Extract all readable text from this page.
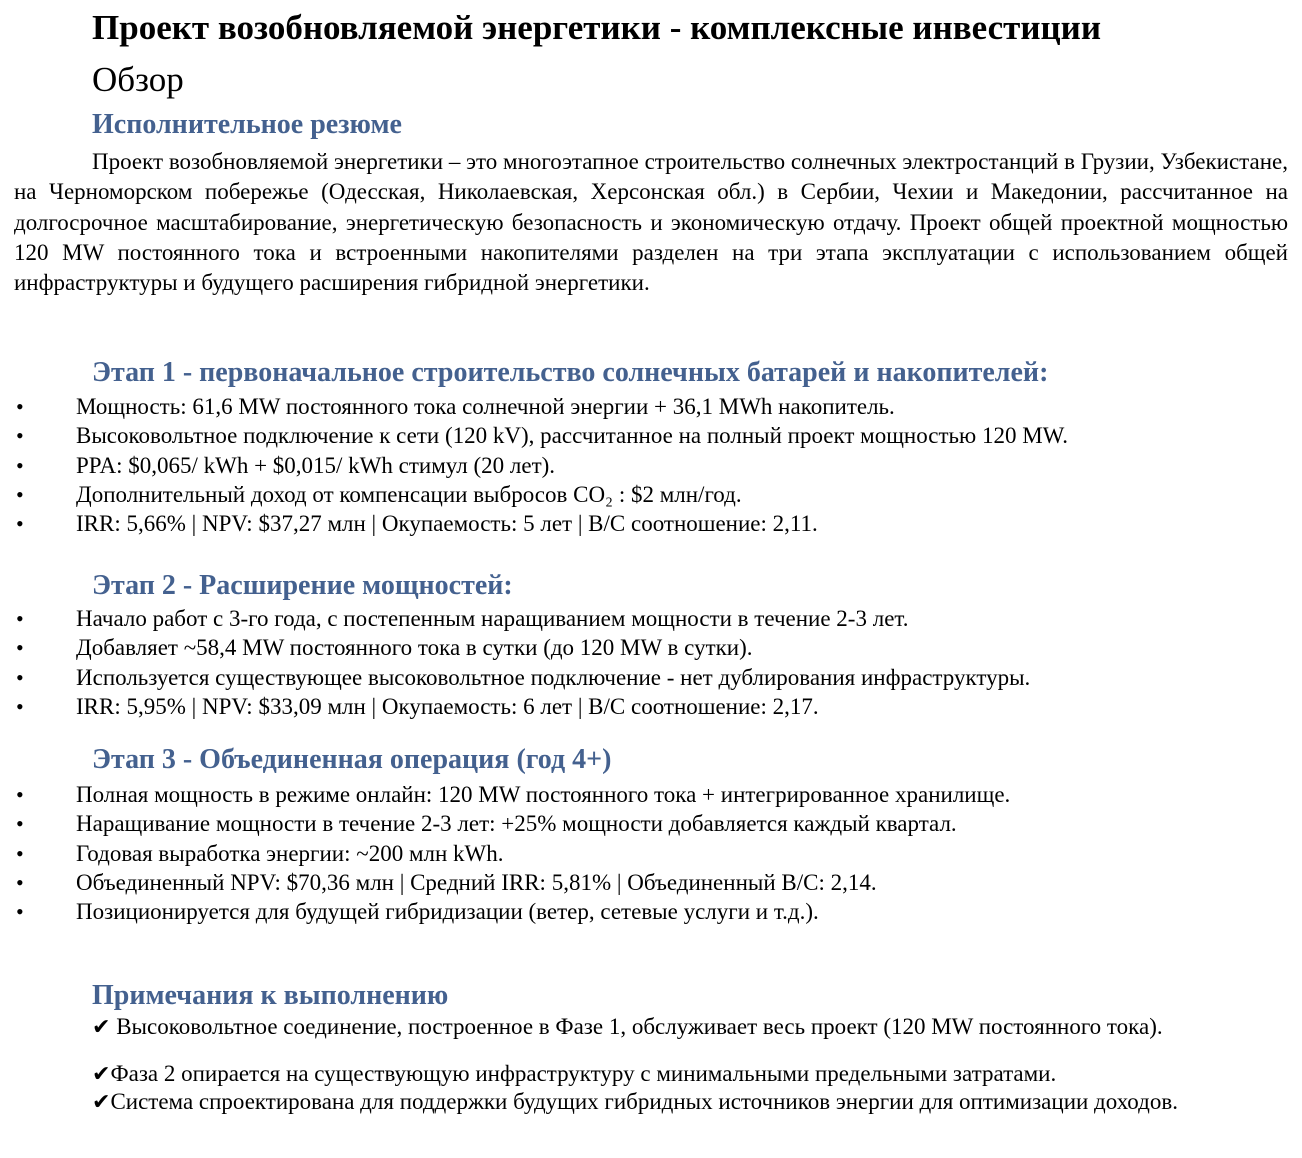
Проект возобновляемой энергетики - комплексные инвестиции
Обзор
Исполнительное резюме

Проект возобновляемой энергетики – это многоэтапное строительство солнечных электростанций в Грузии, Узбекистане, на Черноморском побережье (Одесская, Николаевская, Херсонская обл.) в Сербии, Чехии и Македонии, рассчитанное на долгосрочное масштабирование, энергетическую безопасность и экономическую отдачу. Проект общей проектной мощностью 120 MW постоянного тока и встроенными накопителями разделен на три этапа эксплуатации с использованием общей инфраструктуры и будущего расширения гибридной энергетики.

Этап 1 - первоначальное строительство солнечных батарей и накопителей:
• Мощность: 61,6 MW постоянного тока солнечной энергии + 36,1 MWh накопитель.
• Высоковольтное подключение к сети (120 kV), рассчитанное на полный проект мощностью 120 MW.
• PPA: $0,065/ kWh + $0,015/ kWh стимул (20 лет).
• Дополнительный доход от компенсации выбросов CO₂ : $2 млн/год.
• IRR: 5,66% | NPV: $37,27 млн | Окупаемость: 5 лет | B/C соотношение: 2,11.
Этап 2 - Расширение мощностей:
• Начало работ с 3-го года, с постепенным наращиванием мощности в течение 2-3 лет.
• Добавляет ~58,4 MW постоянного тока в сутки (до 120 MW в сутки).
• Используется существующее высоковольтное подключение - нет дублирования инфраструктуры.
• IRR: 5,95% | NPV: $33,09 млн | Окупаемость: 6 лет | B/C соотношение: 2,17.
Этап 3 - Объединенная операция (год 4+)
• Полная мощность в режиме онлайн: 120 MW постоянного тока + интегрированное хранилище.
• Наращивание мощности в течение 2-3 лет: +25% мощности добавляется каждый квартал.
• Годовая выработка энергии: ~200 млн kWh.
• Объединенный NPV: $70,36 млн | Средний IRR: 5,81% | Объединенный B/C: 2,14.
• Позиционируется для будущей гибридизации (ветер, сетевые услуги и т.д.).
Примечания к выполнению

✔ Высоковольтное соединение, построенное в Фазе 1, обслуживает весь проект (120 MW постоянного тока).

✔Фаза 2 опирается на существующую инфраструктуру с минимальными предельными затратами.

✔Система спроектирована для поддержки будущих гибридных источников энергии для оптимизации доходов.
